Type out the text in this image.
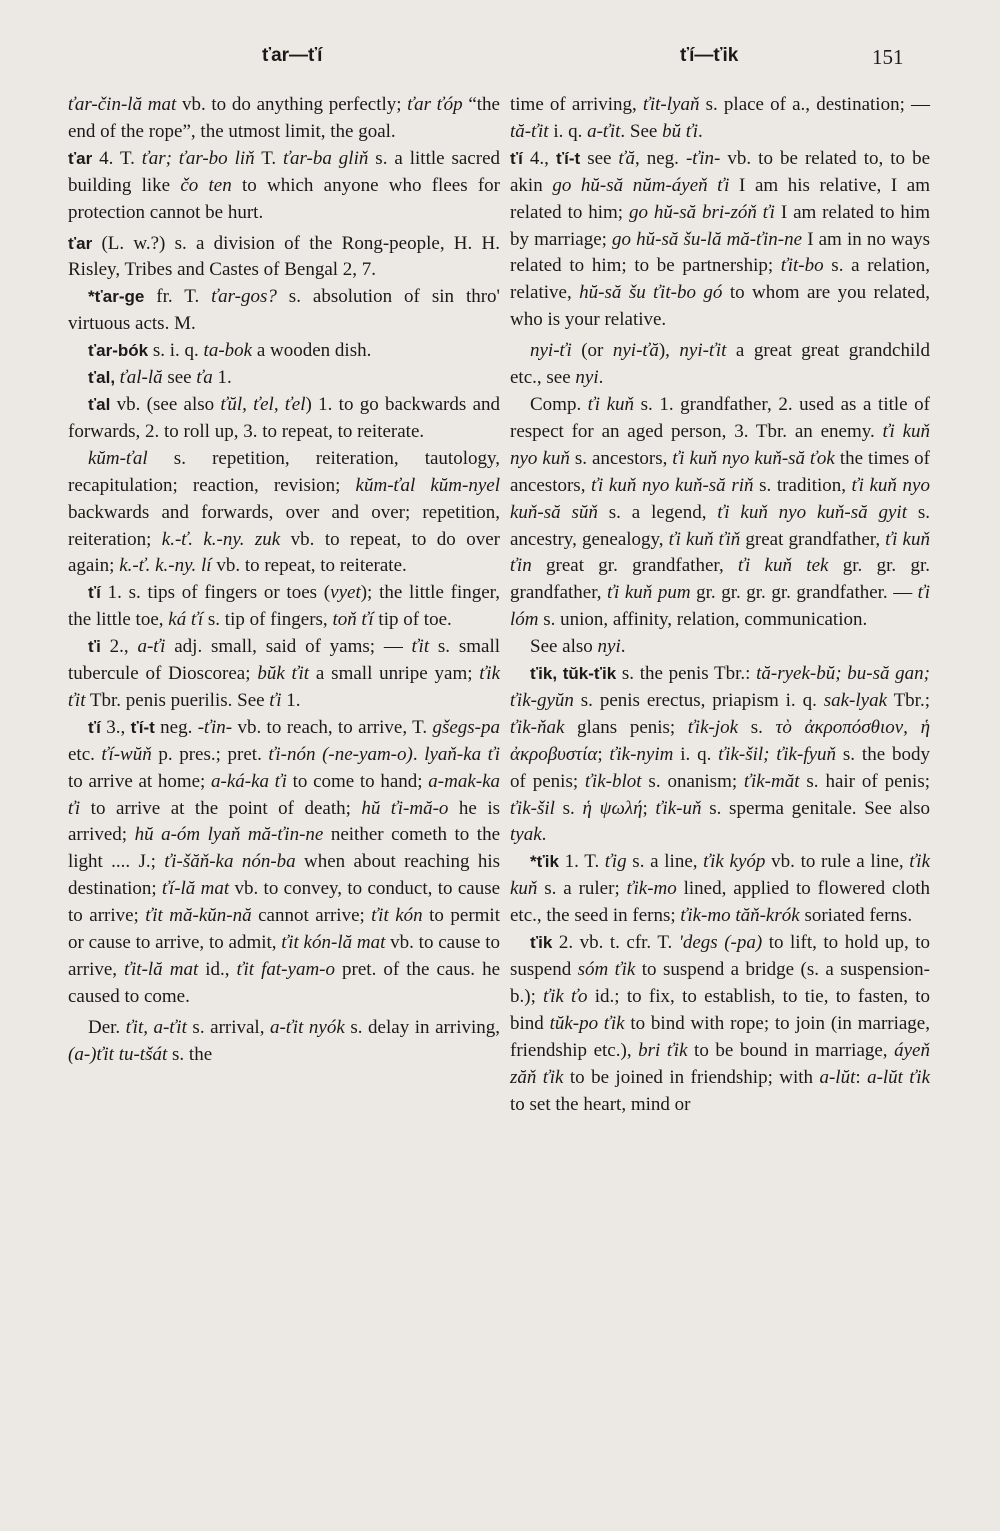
ťar—ťí	ťí—ťik	151

ťar-čin-lă mat vb. to do anything perfectly; ťar ťóp “the end of the rope”, the utmost limit, the goal.

ťar 4. T. ťar; ťar-bo liň T. ťar-ba gliň s. a little sacred building like čo ten to which anyone who flees for protection cannot be hurt.

ťar (L. w.?) s. a division of the Rong-people, H. H. Risley, Tribes and Castes of Bengal 2, 7.

*ťar-ge fr. T. ťar-gos? s. absolution of sin thro' virtuous acts. M.

ťar-bók s. i. q. ta-bok a wooden dish.

ťal, ťal-lă see ťa 1.

ťal vb. (see also ťŭl, ťel, ťel) 1. to go backwards and forwards, 2. to roll up, 3. to repeat, to reiterate.

kŭm-ťal s. repetition, reiteration, tautology, recapitulation; reaction, revision; kŭm-ťal kŭm-nyel backwards and forwards, over and over; repetition, reiteration; k.-ť. k.-ny. zuk vb. to repeat, to do over again; k.-ť. k.-ny. lí vb. to repeat, to reiterate.

ťí 1. s. tips of fingers or toes (vyet); the little finger, the little toe, ká ťí s. tip of fingers, toň ťí tip of toe.

ťi 2., a-ťi adj. small, said of yams; — ťit s. small tubercule of Dioscorea; bŭk ťit a small unripe yam; ťik ťit Tbr. penis puerilis. See ťi 1.

ťí 3., ťí-t neg. -ťin- vb. to reach, to arrive, T. gšegs-pa etc. ťí-wŭň p. pres.; pret. ťi-nón (-ne-yam-o). lyaň-ka ťi to arrive at home; a-ká-ka ťi to come to hand; a-mak-ka ťi to arrive at the point of death; hŭ ťi-mă-o he is arrived; hŭ a-óm lyaň mă-ťin-ne neither cometh to the light .... J.; ťi-šăň-ka nón-ba when about reaching his destination; ťí-lă mat vb. to convey, to conduct, to cause to arrive; ťit mă-kŭn-nă cannot arrive; ťit kón to permit or cause to arrive, to admit, ťit kón-lă mat vb. to cause to arrive, ťit-lă mat id., ťit fat-yam-o pret. of the caus. he caused to come.

Der. ťit, a-ťit s. arrival, a-ťit nyók s. delay in arriving, (a-)ťit tu-tšát s. the

time of arriving, ťit-lyaň s. place of a., destination; — tă-ťit i. q. a-ťit. See bŭ ťi.

ťí 4., ťí-t see ťă, neg. -ťin- vb. to be related to, to be akin go hŭ-să nŭm-áyeň ťi I am his relative, I am related to him; go hŭ-să bri-zóň ťi I am related to him by marriage; go hŭ-să šu-lă mă-ťin-ne I am in no ways related to him; to be partnership; ťit-bo s. a relation, relative, hŭ-să šu ťit-bo gó to whom are you related, who is your relative.

nyi-ťi (or nyi-ťă), nyi-ťit a great great grandchild etc., see nyi.

Comp. ťi kuň s. 1. grandfather, 2. used as a title of respect for an aged person, 3. Tbr. an enemy. ťi kuň nyo kuň s. ancestors, ťi kuň nyo kuň-să ťok the times of ancestors, ťi kuň nyo kuň-să riň s. tradition, ťi kuň nyo kuň-să sŭň s. a legend, ťi kuň nyo kuň-să gyit s. ancestry, genealogy, ťi kuň ťiň great grandfather, ťi kuň ťin great gr. grandfather, ťi kuň tek gr. gr. gr. grandfather, ťi kuň pum gr. gr. gr. gr. grandfather. — ťi lóm s. union, affinity, relation, communication.

See also nyi.

ťik, tŭk-ťik s. the penis Tbr.: tă-ryek-bŭ; bu-să gan; ťik-gyŭn s. penis erectus, priapism i. q. sak-lyak Tbr.; ťik-ňak glans penis; ťik-jok s. τὸ ἀκροπόσθιον, ἡ ἀκροβυστία; ťik-nyim i. q. ťik-šil; ťik-fyuň s. the body of penis; ťik-blot s. onanism; ťik-măt s. hair of penis; ťik-šil s. ἡ ψωλή; ťik-uň s. sperma genitale. See also tyak.

*ťik 1. T. ťig s. a line, ťik kyóp vb. to rule a line, ťik kuň s. a ruler; ťik-mo lined, applied to flowered cloth etc., the seed in ferns; ťik-mo tăň-krók soriated ferns.

ťik 2. vb. t. cfr. T. 'degs (-pa) to lift, to hold up, to suspend sóm ťik to suspend a bridge (s. a suspension-b.); ťik ťo id.; to fix, to establish, to tie, to fasten, to bind tŭk-po ťik to bind with rope; to join (in marriage, friendship etc.), bri ťik to be bound in marriage, áyeň zăň ťik to be joined in friendship; with a-lŭt: a-lŭt ťik to set the heart, mind or
